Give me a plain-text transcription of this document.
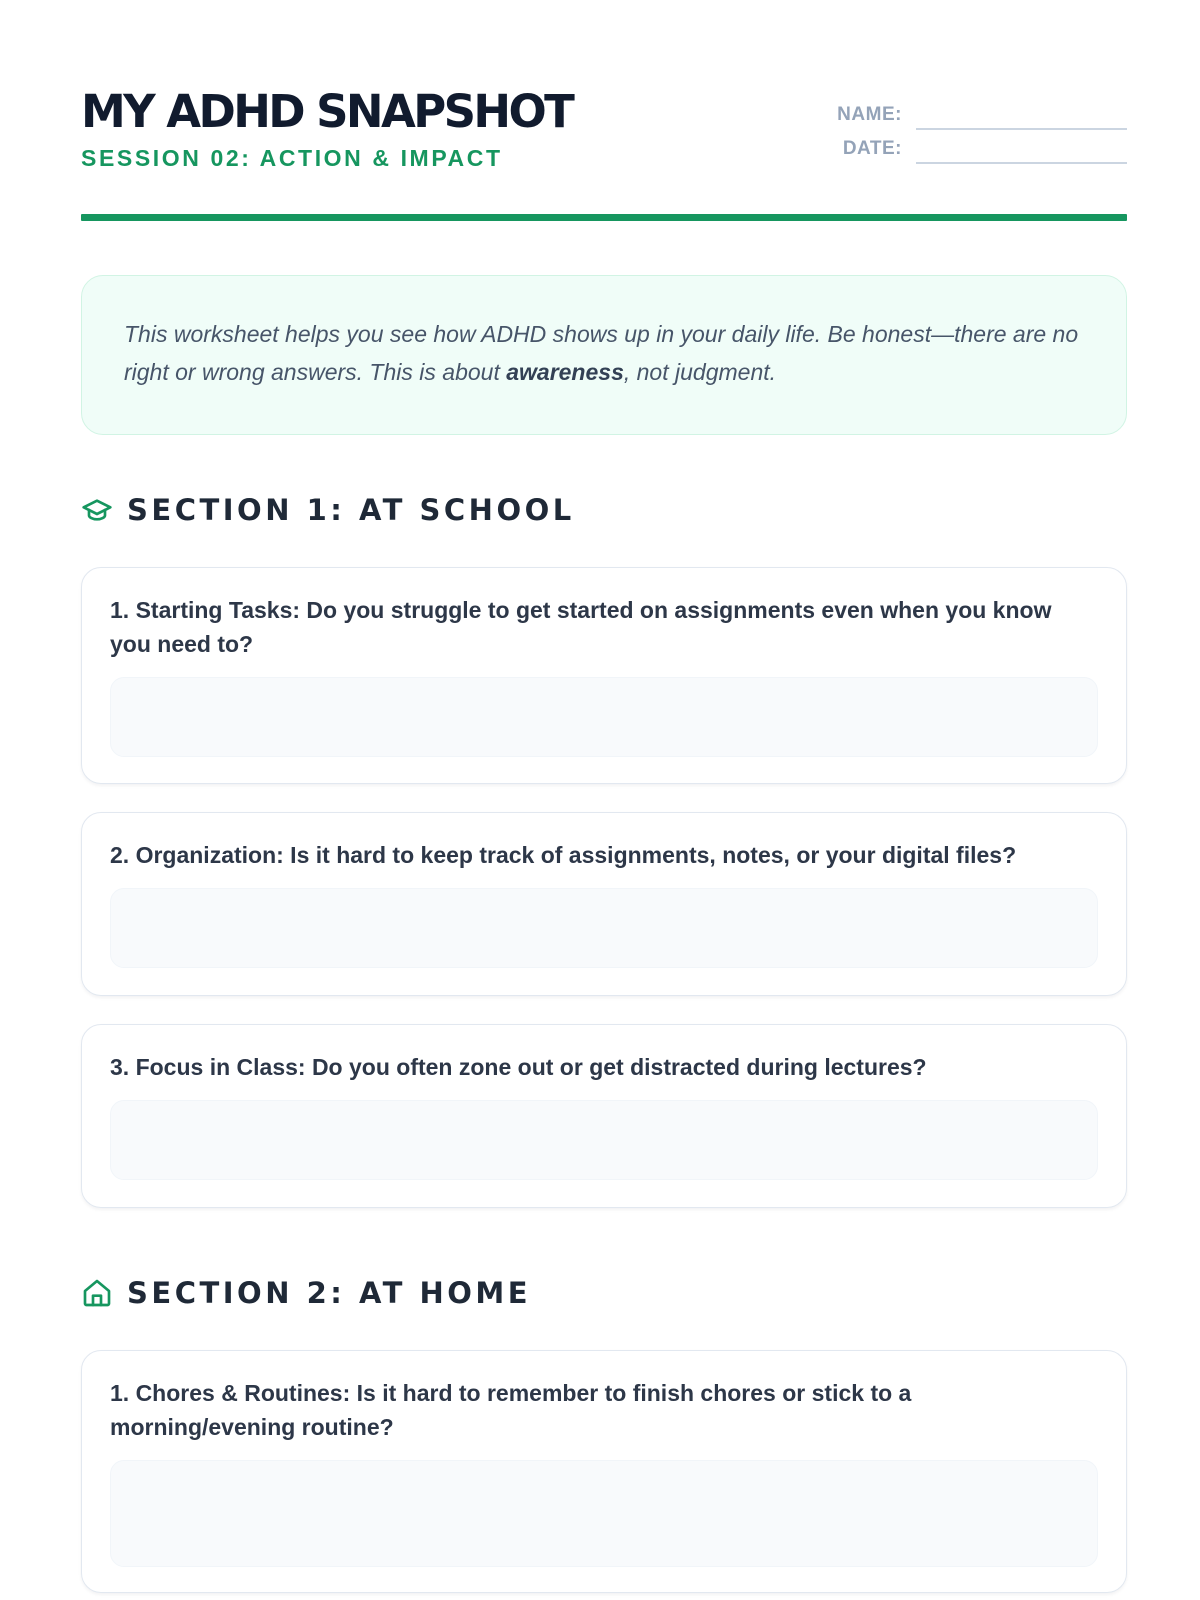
MY ADHD SNAPSHOT
SESSION 02: ACTION & IMPACT
NAME:
DATE:

This worksheet helps you see how ADHD shows up in your daily life. Be honest—there are no right or wrong answers. This is about awareness, not judgment.

SECTION 1: AT SCHOOL
1. Starting Tasks: Do you struggle to get started on assignments even when you know you need to?
2. Organization: Is it hard to keep track of assignments, notes, or your digital files?
3. Focus in Class: Do you often zone out or get distracted during lectures?
SECTION 2: AT HOME
1. Chores & Routines: Is it hard to remember to finish chores or stick to a morning/evening routine?
